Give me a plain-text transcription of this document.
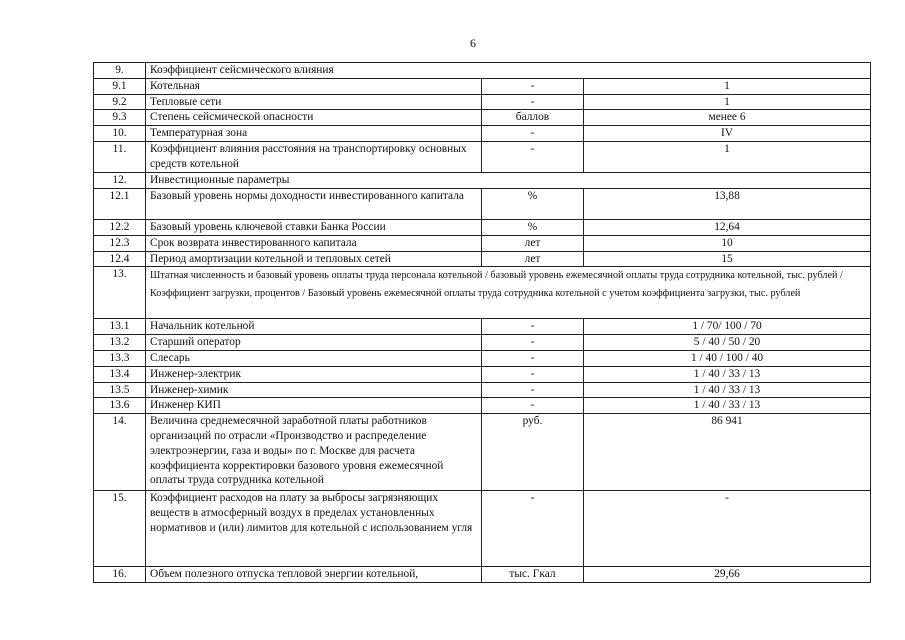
6
9.	Коэффициент сейсмического влияния		
9.1	Котельная	-	1
9.2	Тепловые сети	-	1
9.3	Степень сейсмической опасности	баллов	менее 6
10.	Температурная зона	-	IV
11.	Коэффициент влияния расстояния на транспортировку основных средств котельной	-	1
12.	Инвестиционные параметры		
12.1	Базовый уровень нормы доходности инвестированного капитала	%	13,88
12.2	Базовый уровень ключевой ставки Банка России	%	12,64
12.3	Срок возврата инвестированного капитала	лет	10
12.4	Период амортизации котельной и тепловых сетей	лет	15
13.	Штатная численность и базовый уровень оплаты труда персонала котельной / базовый уровень ежемесячной оплаты труда сотрудника котельной, тыс. рублей / Коэффициент загрузки, процентов / Базовый уровень ежемесячной оплаты труда сотрудника котельной с учетом коэффициента загрузки, тыс. рублей		
13.1	Начальник котельной	-	1 / 70/ 100 / 70
13.2	Старший оператор	-	5 / 40 / 50 / 20
13.3	Слесарь	-	1 / 40 / 100 / 40
13.4	Инженер-электрик	-	1 / 40 / 33 / 13
13.5	Инженер-химик	-	1 / 40 / 33 / 13
13.6	Инженер КИП	-	1 / 40 / 33 / 13
14.	Величина среднемесячной заработной платы работников организаций по отрасли «Производство и распределение электроэнергии, газа и воды» по г. Москве для расчета коэффициента корректировки базового уровня ежемесячной оплаты труда сотрудника котельной	руб.	86 941
15.	Коэффициент расходов на плату за выбросы загрязняющих веществ в атмосферный воздух в пределах установленных нормативов и (или) лимитов для котельной с использованием угля	-	-
16.	Объем полезного отпуска тепловой энергии котельной,	тыс. Гкал	29,66
